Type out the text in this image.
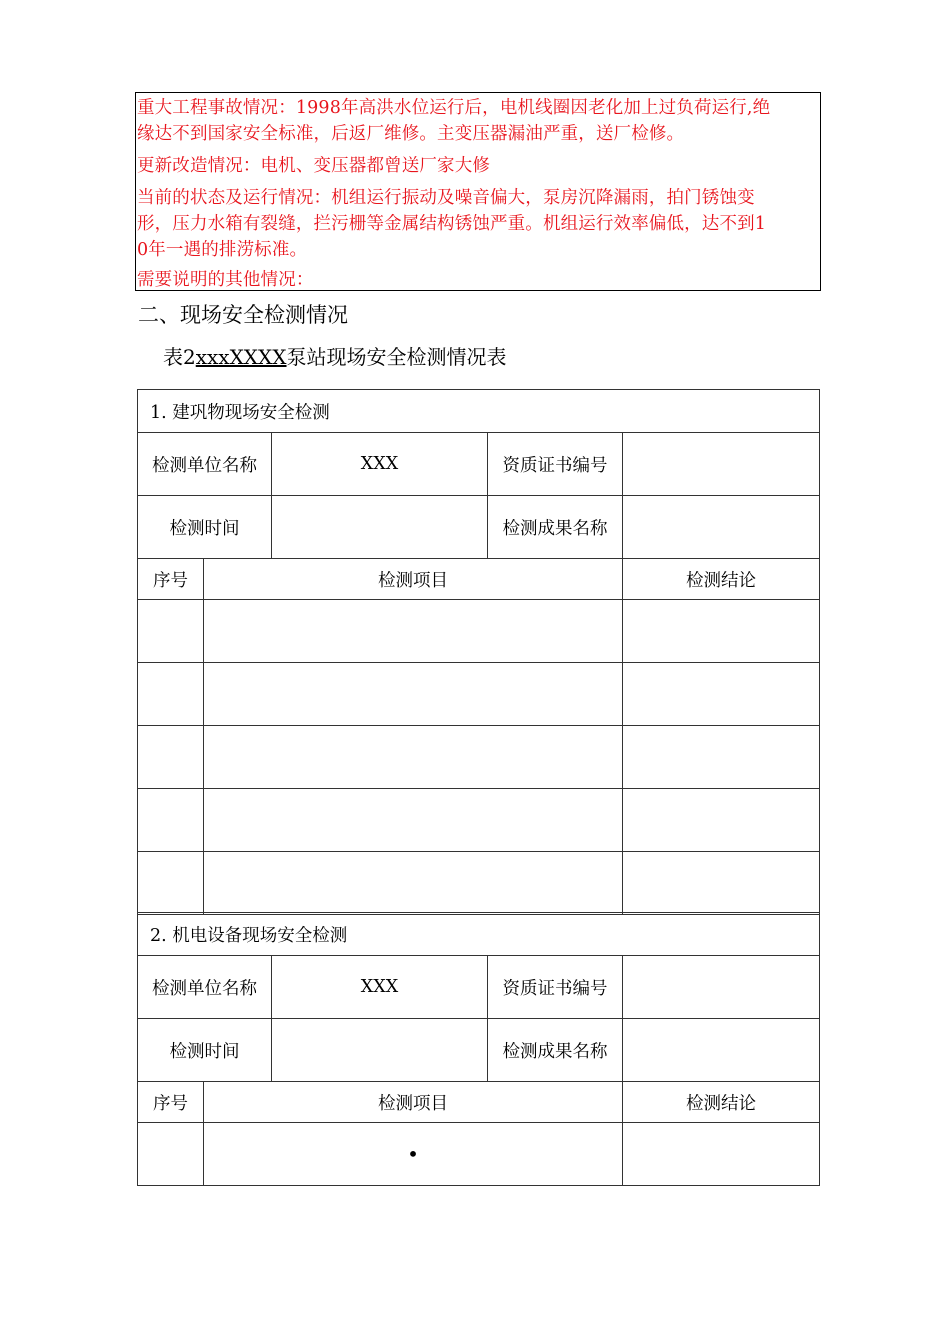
重大工程事故情况：1998年高洪水位运行后，电机线圈因老化加上过负荷运行,绝
缘达不到国家安全标准，后返厂维修。主变压器漏油严重，送厂检修。
更新改造情况：电机、变压器都曾送厂家大修
当前的状态及运行情况：机组运行振动及噪音偏大，泵房沉降漏雨，拍门锈蚀变
形，压力水箱有裂缝，拦污栅等金属结构锈蚀严重。机组运行效率偏低，达不到1
0年一遇的排涝标准。
需要说明的其他情况：
二、现场安全检测情况
表2xxxXXXX泵站现场安全检测情况表
1. 建巩物现场安全检测				
检测单位名称		XXX	资质证书编号	
检测时间			检测成果名称	
序号	检测项目			检测结论

2. 机电设备现场安全检测				
检测单位名称		XXX	资质证书编号	
检测时间			检测成果名称	
序号	检测项目			检测结论
	•			
